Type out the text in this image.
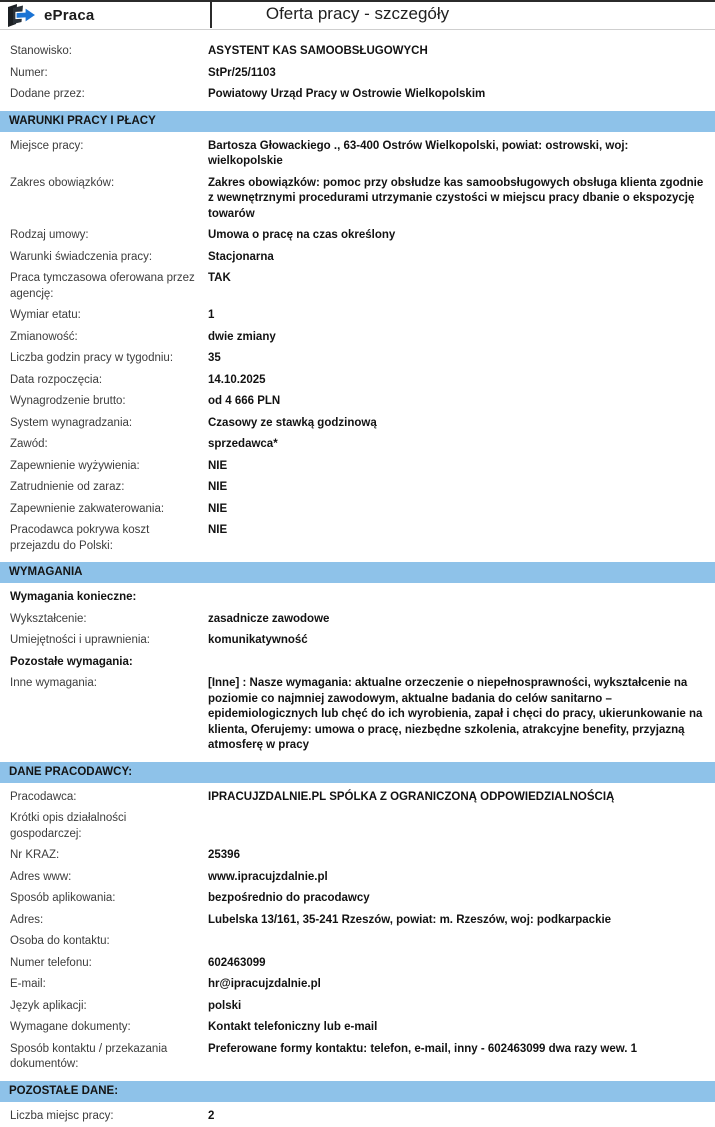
ePraca	Oferta pracy - szczegóły
Stanowisko:	ASYSTENT KAS SAMOOBSŁUGOWYCH
Numer:	StPr/25/1103
Dodane przez:	Powiatowy Urząd Pracy w Ostrowie Wielkopolskim
WARUNKI PRACY I PŁACY
Miejsce pracy:	Bartosza Głowackiego ., 63-400 Ostrów Wielkopolski, powiat: ostrowski, woj: wielkopolskie
Zakres obowiązków:	Zakres obowiązków: pomoc przy obsłudze kas samoobsługowych obsługa klienta zgodnie z wewnętrznymi procedurami utrzymanie czystości w miejscu pracy dbanie o ekspozycję towarów
Rodzaj umowy:	Umowa o pracę na czas określony
Warunki świadczenia pracy:	Stacjonarna
Praca tymczasowa oferowana przez agencję:
TAK
Wymiar etatu:	1
Zmianowość:	dwie zmiany
Liczba godzin pracy w tygodniu:	35
Data rozpoczęcia:	14.10.2025
Wynagrodzenie brutto:	od 4 666 PLN
System wynagradzania:	Czasowy ze stawką godzinową
Zawód:	sprzedawca*
Zapewnienie wyżywienia:	NIE
Zatrudnienie od zaraz:	NIE
Zapewnienie zakwaterowania:	NIE
Pracodawca pokrywa koszt przejazdu do Polski:
NIE
WYMAGANIA
Wymagania konieczne:
Wykształcenie:	zasadnicze zawodowe
Umiejętności i uprawnienia:	komunikatywność
Pozostałe wymagania:
Inne wymagania:	[Inne] : Nasze wymagania: aktualne orzeczenie o niepełnosprawności, wykształcenie na poziomie co najmniej zawodowym, aktualne badania do celów sanitarno – epidemiologicznych lub chęć do ich wyrobienia, zapał i chęci do pracy, ukierunkowanie na klienta, Oferujemy: umowa o pracę, niezbędne szkolenia, atrakcyjne benefity, przyjazną atmosferę w pracy
DANE PRACODAWCY:
Pracodawca:	IPRACUJZDALNIE.PL SPÓLKA Z OGRANICZONĄ ODPOWIEDZIALNOŚCIĄ
Krótki opis działalności gospodarczej:
Nr KRAZ:	25396
Adres www:	www.ipracujzdalnie.pl
Sposób aplikowania:	bezpośrednio do pracodawcy
Adres:	Lubelska 13/161, 35-241 Rzeszów, powiat: m. Rzeszów, woj: podkarpackie
Osoba do kontaktu:
Numer telefonu:	602463099
E-mail:	hr@ipracujzdalnie.pl
Język aplikacji:	polski
Wymagane dokumenty:	Kontakt telefoniczny lub e-mail
Sposób kontaktu / przekazania dokumentów:
Preferowane formy kontaktu: telefon, e-mail, inny - 602463099 dwa razy wew. 1
POZOSTAŁE DANE:
Liczba miejsc pracy:	2
